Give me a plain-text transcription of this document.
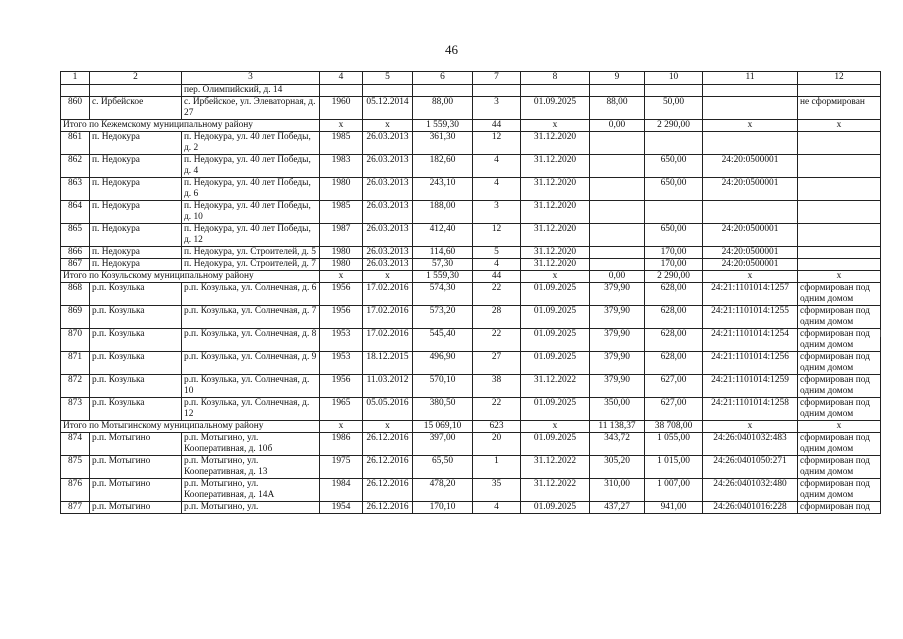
46
1	2	3	4	5	6	7	8	9	10	11	12
		пер. Олимпийский, д. 14									
860	с. Ирбейское	с. Ирбейское, ул. Элеваторная, д. 27	1960	05.12.2014	88,00	3	01.09.2025	88,00	50,00		не сформирован
Итого по Кежемскому муниципальному району			x	x	1 559,30	44	x	0,00	2 290,00	x	x
861	п. Недокура	п. Недокура, ул. 40 лет Победы, д. 2	1985	26.03.2013	361,30	12	31.12.2020				
862	п. Недокура	п. Недокура, ул. 40 лет Победы, д. 4	1983	26.03.2013	182,60	4	31.12.2020		650,00	24:20:0500001	
863	п. Недокура	п. Недокура, ул. 40 лет Победы, д. 6	1980	26.03.2013	243,10	4	31.12.2020		650,00	24:20:0500001	
864	п. Недокура	п. Недокура, ул. 40 лет Победы, д. 10	1985	26.03.2013	188,00	3	31.12.2020				
865	п. Недокура	п. Недокура, ул. 40 лет Победы, д. 12	1987	26.03.2013	412,40	12	31.12.2020		650,00	24:20:0500001	
866	п. Недокура	п. Недокура, ул. Строителей, д. 5	1980	26.03.2013	114,60	5	31.12.2020		170,00	24:20:0500001	
867	п. Недокура	п. Недокура, ул. Строителей, д. 7	1980	26.03.2013	57,30	4	31.12.2020		170,00	24:20:0500001	
Итого по Козульскому муниципальному району			x	x	1 559,30	44	x	0,00	2 290,00	x	x
868	р.п. Козулька	р.п. Козулька, ул. Солнечная, д. 6	1956	17.02.2016	574,30	22	01.09.2025	379,90	628,00	24:21:1101014:1257	сформирован под одним домом
869	р.п. Козулька	р.п. Козулька, ул. Солнечная, д. 7	1956	17.02.2016	573,20	28	01.09.2025	379,90	628,00	24:21:1101014:1255	сформирован под одним домом
870	р.п. Козулька	р.п. Козулька, ул. Солнечная, д. 8	1953	17.02.2016	545,40	22	01.09.2025	379,90	628,00	24:21:1101014:1254	сформирован под одним домом
871	р.п. Козулька	р.п. Козулька, ул. Солнечная, д. 9	1953	18.12.2015	496,90	27	01.09.2025	379,90	628,00	24:21:1101014:1256	сформирован под одним домом
872	р.п. Козулька	р.п. Козулька, ул. Солнечная, д. 10	1956	11.03.2012	570,10	38	31.12.2022	379,90	627,00	24:21:1101014:1259	сформирован под одним домом
873	р.п. Козулька	р.п. Козулька, ул. Солнечная, д. 12	1965	05.05.2016	380,50	22	01.09.2025	350,00	627,00	24:21:1101014:1258	сформирован под одним домом
Итого по Мотыгинскому муниципальному району			x	x	15 069,10	623	x	11 138,37	38 708,00	x	x
874	р.п. Мотыгино	р.п. Мотыгино, ул. Кооперативная, д. 10б	1986	26.12.2016	397,00	20	01.09.2025	343,72	1 055,00	24:26:0401032:483	сформирован под одним домом
875	р.п. Мотыгино	р.п. Мотыгино, ул. Кооперативная, д. 13	1975	26.12.2016	65,50	1	31.12.2022	305,20	1 015,00	24:26:0401050:271	сформирован под одним домом
876	р.п. Мотыгино	р.п. Мотыгино, ул. Кооперативная, д. 14А	1984	26.12.2016	478,20	35	31.12.2022	310,00	1 007,00	24:26:0401032:480	сформирован под одним домом
877	р.п. Мотыгино	р.п. Мотыгино, ул.	1954	26.12.2016	170,10	4	01.09.2025	437,27	941,00	24:26:0401016:228	сформирован под
